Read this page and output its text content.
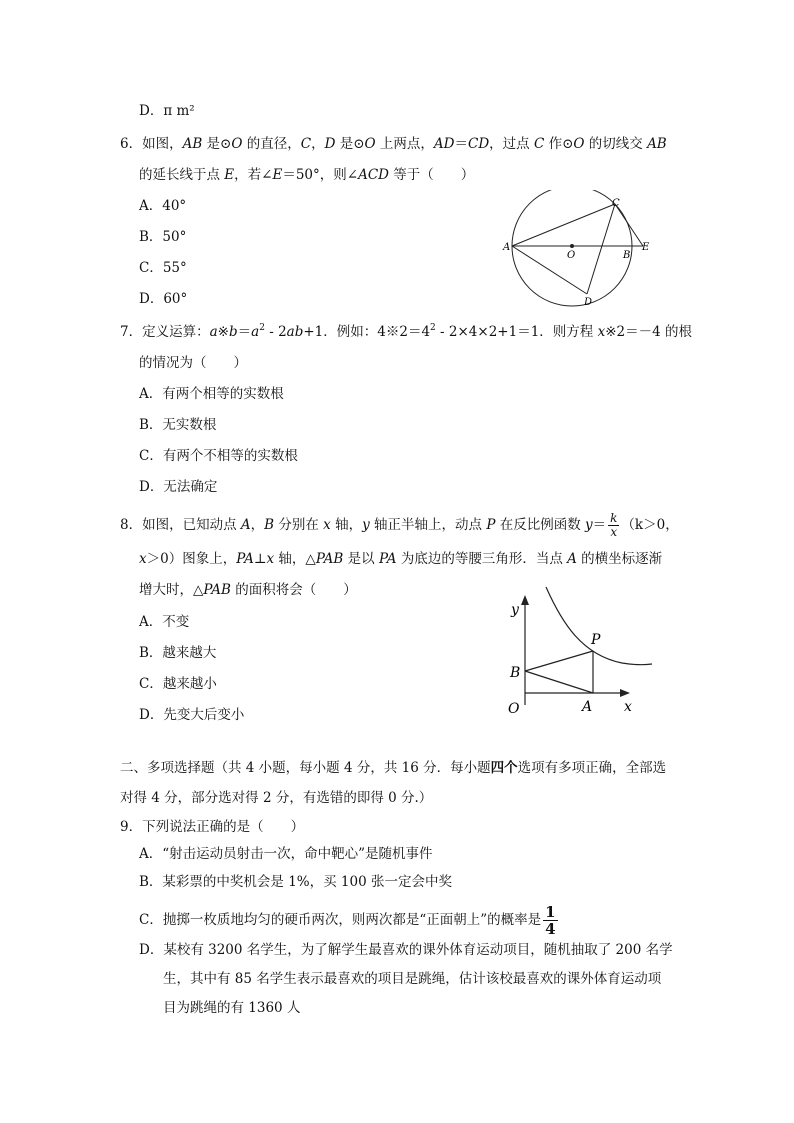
D．π m²
6．如图，AB 是⊙O 的直径，C，D 是⊙O 上两点，AD＝CD，过点 C 作⊙O 的切线交 AB
的延长线于点 E，若∠E＝50°，则∠ACD 等于（　　）
A．40°
B．50°
C．55°
D．60°
A
O	B
E
C
D
7．定义运算：$a※b=a^2 - 2ab+1$．例如：$4※2=4^2 - 2\times 4\times 2+1=1$．则方程 x※2＝－4 的根
的情况为（　　）
A．有两个相等的实数根
B．无实数根
C．有两个不相等的实数根
D．无法确定
8．如图，已知动点 A，B 分别在 x 轴，y 轴正半轴上，动点 P 在反比例函数 $y= \frac{k}{x} (k>0$，
x＞0）图象上，PA⊥x 轴，△PAB 是以 PA 为底边的等腰三角形．当点 A 的横坐标逐渐
增大时，△PAB 的面积将会（　　）
A．不变
B．越来越大
C．越来越小
D．先变大后变小
y
x
O
B
A
P
二、多项选择题（共 4 小题，每小题 4 分，共 16 分．每小题四个选项有多项正确，全部选
对得 4 分，部分选对得 2 分，有选错的即得 0 分.）
9．下列说法正确的是（　　）
A．“射击运动员射击一次，命中靶心”是随机事件
B．某彩票的中奖机会是 1%，买 100 张一定会中奖
C．抛掷一枚质地均匀的硬币两次，则两次都是“正面朝上”的概率是 $\frac{1}{4}$
D．某校有 3200 名学生，为了解学生最喜欢的课外体育运动项目，随机抽取了 200 名学
生，其中有 85 名学生表示最喜欢的项目是跳绳，估计该校最喜欢的课外体育运动项
目为跳绳的有 1360 人
